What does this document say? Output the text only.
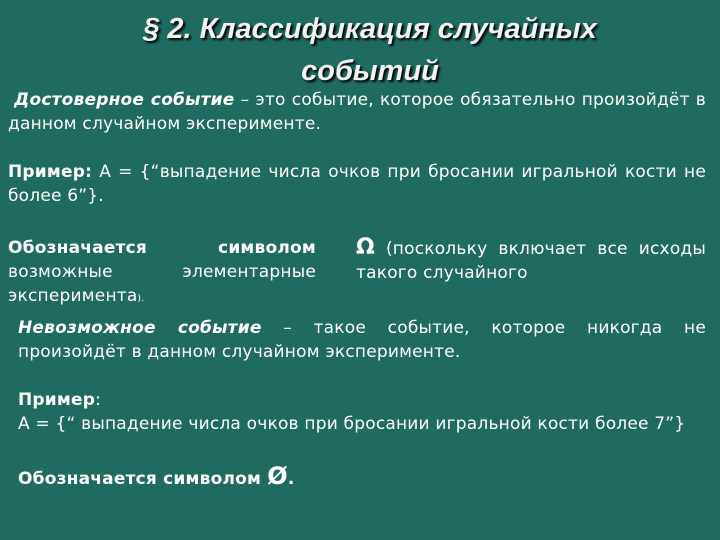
§ 2. Классификация случайных
событий
Достоверное событие – это событие, которое обязательно произойдёт в данном случайном эксперименте.
Пример: А = {“выпадение числа очков при бросании игральной кости не более 6”}.
Обозначается символом возможные элементарные эксперимента).
Ω (поскольку включает все исходы такого случайного
Невозможное событие – такое событие, которое никогда не произойдёт в данном случайном эксперименте.
Пример:
А = {“ выпадение числа очков при бросании игральной кости более 7”}
Обозначается символом Ø.
